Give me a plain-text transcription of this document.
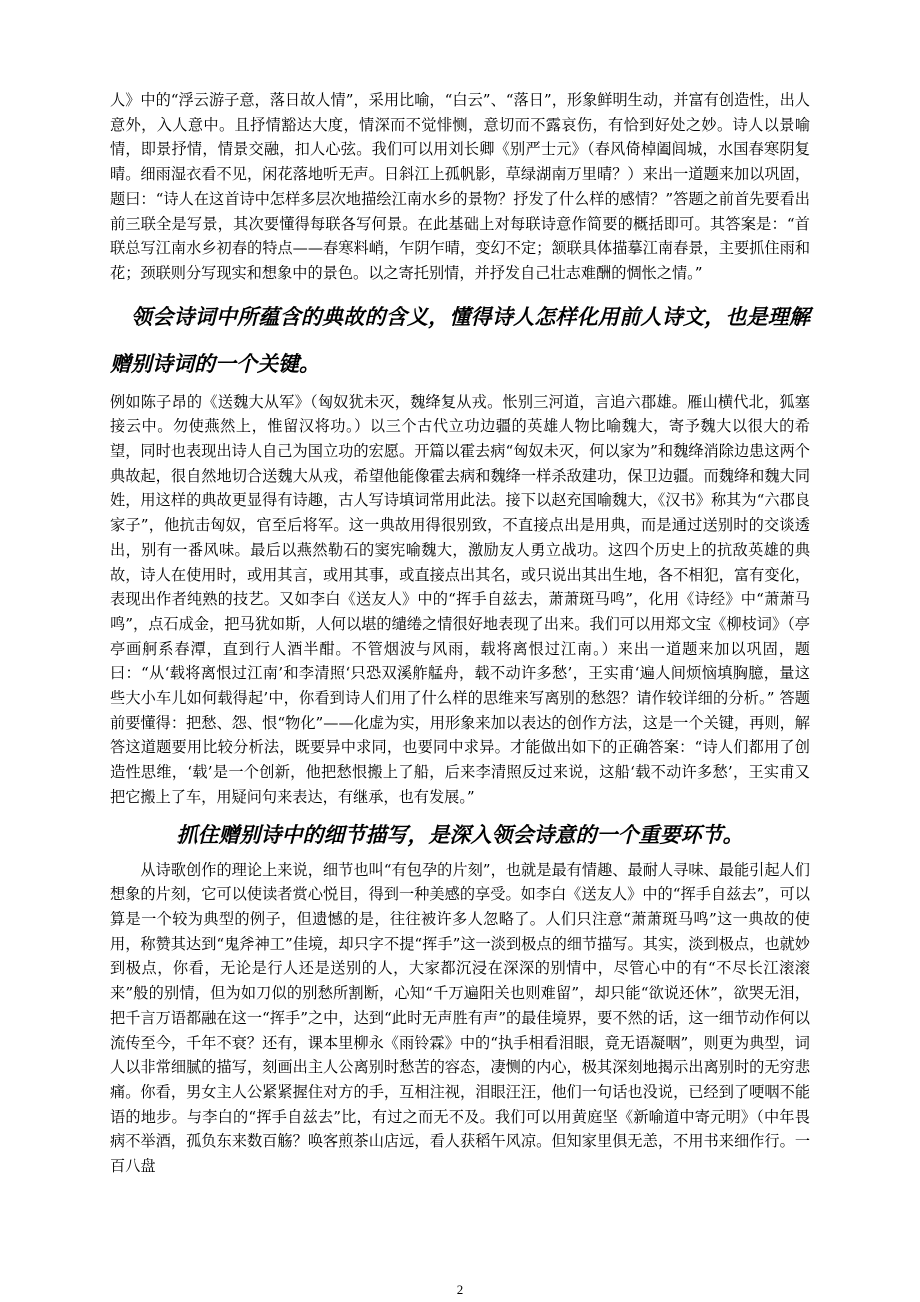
人》中的“浮云游子意，落日故人情”，采用比喻，“白云”、“落日”，形象鲜明生动，并富有创造性，出人意外，入人意中。且抒情豁达大度，情深而不觉悱恻，意切而不露哀伤，有恰到好处之妙。诗人以景喻情，即景抒情，情景交融，扣人心弦。我们可以用刘长卿《别严士元》（春风倚棹阖闾城，水国春寒阴复晴。细雨湿衣看不见，闲花落地听无声。日斜江上孤帆影，草绿湖南万里晴？）来出一道题来加以巩固，题曰：“诗人在这首诗中怎样多层次地描绘江南水乡的景物？抒发了什么样的感情？”答题之前首先要看出前三联全是写景，其次要懂得每联各写何景。在此基础上对每联诗意作简要的概括即可。其答案是：“首联总写江南水乡初春的特点——春寒料峭，乍阴乍晴，变幻不定；颔联具体描摹江南春景，主要抓住雨和花；颈联则分写现实和想象中的景色。以之寄托别情，并抒发自己壮志难酬的惆怅之情。”

领会诗词中所蕴含的典故的含义，懂得诗人怎样化用前人诗文，也是理解赠别诗词的一个关键。

例如陈子昂的《送魏大从军》（匈奴犹未灭，魏绛复从戎。怅别三河道，言追六郡雄。雁山横代北，狐塞接云中。勿使燕然上，惟留汉将功。）以三个古代立功边疆的英雄人物比喻魏大，寄予魏大以很大的希望，同时也表现出诗人自己为国立功的宏愿。开篇以霍去病“匈奴未灭，何以家为”和魏绛消除边患这两个典故起，很自然地切合送魏大从戎，希望他能像霍去病和魏绛一样杀敌建功，保卫边疆。而魏绛和魏大同姓，用这样的典故更显得有诗趣，古人写诗填词常用此法。接下以赵充国喻魏大，《汉书》称其为“六郡良家子”，他抗击匈奴，官至后将军。这一典故用得很别致，不直接点出是用典，而是通过送别时的交谈透出，别有一番风味。最后以燕然勒石的窦宪喻魏大，激励友人勇立战功。这四个历史上的抗敌英雄的典故，诗人在使用时，或用其言，或用其事，或直接点出其名，或只说出其出生地，各不相犯，富有变化，表现出作者纯熟的技艺。又如李白《送友人》中的“挥手自兹去，萧萧斑马鸣”，化用《诗经》中“萧萧马鸣”，点石成金，把马犹如斯，人何以堪的缱绻之情很好地表现了出来。我们可以用郑文宝《柳枝词》（亭亭画舸系春潭，直到行人酒半酣。不管烟波与风雨，载将离恨过江南。）来出一道题来加以巩固，题曰：“从‘载将离恨过江南’和李清照‘只恐双溪舴艋舟，载不动许多愁’，王实甫‘遍人间烦恼填胸臆，量这些大小车儿如何载得起’中，你看到诗人们用了什么样的思维来写离别的愁怨？请作较详细的分析。” 答题前要懂得：把愁、怨、恨“物化”——化虚为实，用形象来加以表达的创作方法，这是一个关键，再则，解答这道题要用比较分析法，既要异中求同，也要同中求异。才能做出如下的正确答案：“诗人们都用了创造性思维，‘载’是一个创新，他把愁恨搬上了船，后来李清照反过来说，这船‘载不动许多愁’，王实甫又把它搬上了车，用疑问句来表达，有继承，也有发展。”

抓住赠别诗中的细节描写，是深入领会诗意的一个重要环节。

从诗歌创作的理论上来说，细节也叫“有包孕的片刻”，也就是最有情趣、最耐人寻味、最能引起人们想象的片刻，它可以使读者赏心悦目，得到一种美感的享受。如李白《送友人》中的“挥手自兹去”，可以算是一个较为典型的例子，但遗憾的是，往往被许多人忽略了。人们只注意“萧萧斑马鸣”这一典故的使用，称赞其达到“鬼斧神工”佳境，却只字不提“挥手”这一淡到极点的细节描写。其实，淡到极点，也就妙到极点，你看，无论是行人还是送别的人，大家都沉浸在深深的别情中，尽管心中的有“不尽长江滚滚来”般的别情，但为如刀似的别愁所割断，心知“千万遍阳关也则难留”，却只能“欲说还休”，欲哭无泪，把千言万语都融在这一“挥手”之中，达到“此时无声胜有声”的最佳境界，要不然的话，这一细节动作何以流传至今，千年不衰？还有，课本里柳永《雨铃霖》中的“执手相看泪眼，竟无语凝咽”，则更为典型，词人以非常细腻的描写，刻画出主人公离别时愁苦的容态，凄恻的内心，极其深刻地揭示出离别时的无穷悲痛。你看，男女主人公紧紧握住对方的手，互相注视，泪眼汪汪，他们一句话也没说，已经到了哽咽不能语的地步。与李白的“挥手自兹去”比，有过之而无不及。我们可以用黄庭坚《新喻道中寄元明》（中年畏病不举酒，孤负东来数百觞？唤客煎茶山店远，看人获稻午风凉。但知家里俱无恙，不用书来细作行。一百八盘

2
